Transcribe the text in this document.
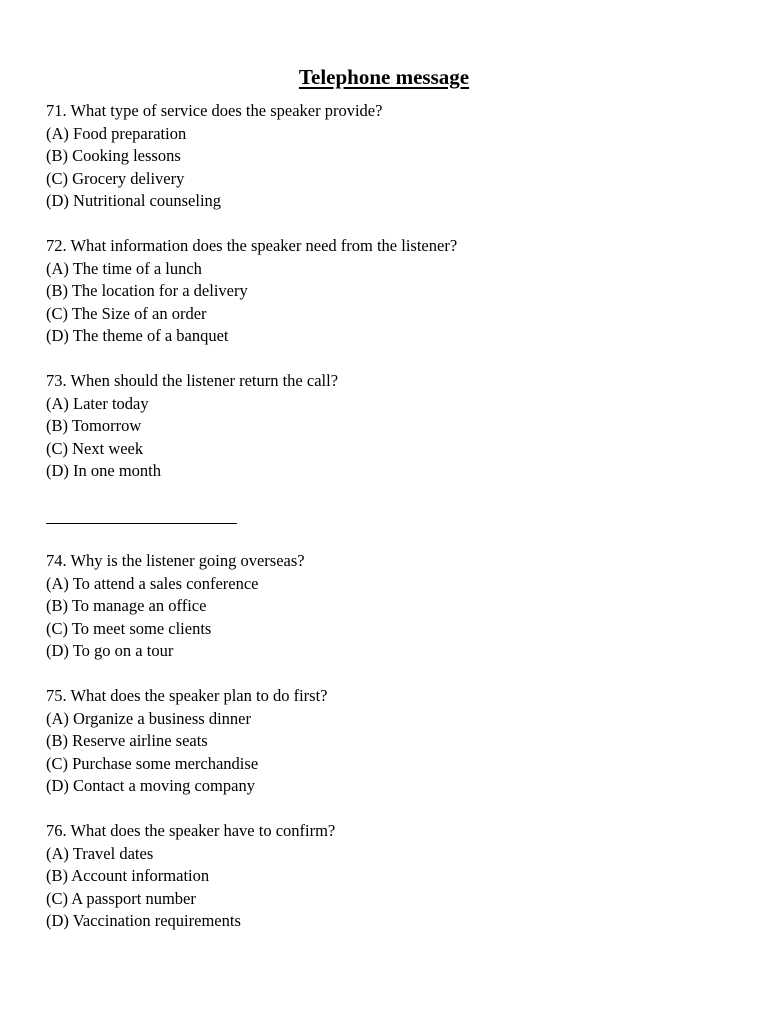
Telephone message
71. What type of service does the speaker provide?
(A) Food preparation
(B) Cooking lessons
(C) Grocery delivery
(D) Nutritional counseling
72. What information does the speaker need from the listener?
(A) The time of a lunch
(B) The location for a delivery
(C) The Size of an order
(D) The theme of a banquet
73. When should the listener return the call?
(A) Later today
(B) Tomorrow
(C) Next week
(D) In one month
74. Why is the listener going overseas?
(A) To attend a sales conference
(B) To manage an office
(C) To meet some clients
(D) To go on a tour
75. What does the speaker plan to do first?
(A) Organize a business dinner
(B) Reserve airline seats
(C) Purchase some merchandise
(D) Contact a moving company
76. What does the speaker have to confirm?
(A) Travel dates
(B) Account information
(C) A passport number
(D) Vaccination requirements
